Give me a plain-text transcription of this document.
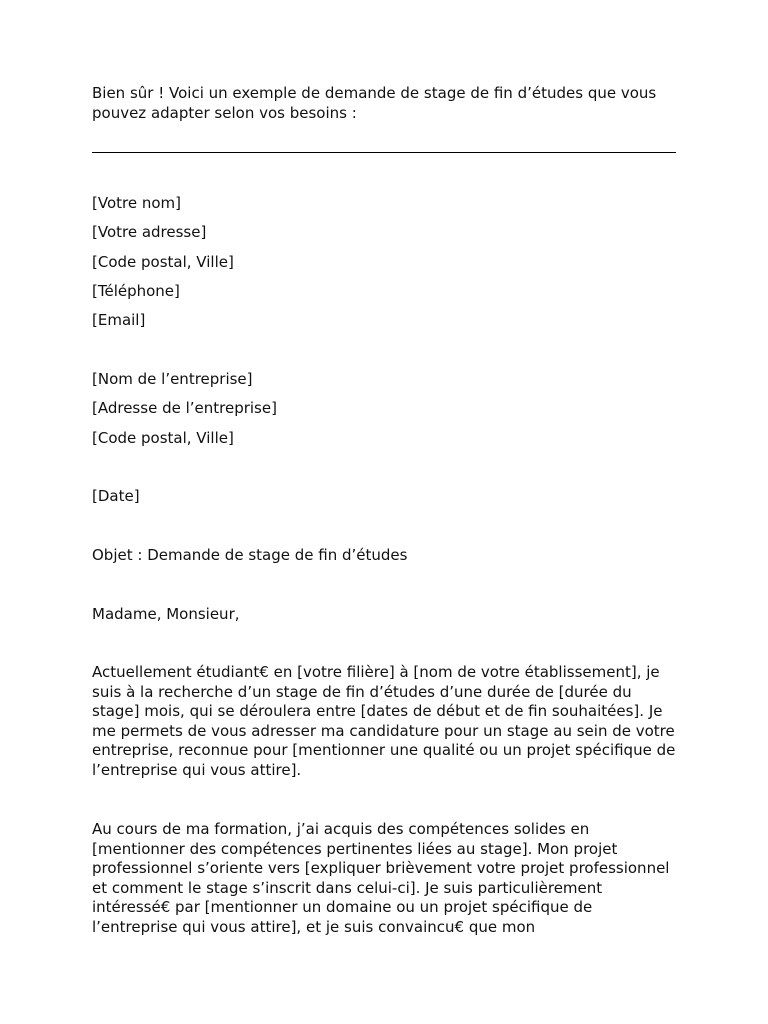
Bien sûr ! Voici un exemple de demande de stage de fin d’études que vous pouvez adapter selon vos besoins :

[Votre nom]

[Votre adresse]

[Code postal, Ville]

[Téléphone]

[Email]

[Nom de l’entreprise]

[Adresse de l’entreprise]

[Code postal, Ville]

[Date]

Objet : Demande de stage de fin d’études

Madame, Monsieur,

Actuellement étudiant€ en [votre filière] à [nom de votre établissement], je suis à la recherche d’un stage de fin d’études d’une durée de [durée du stage] mois, qui se déroulera entre [dates de début et de fin souhaitées]. Je me permets de vous adresser ma candidature pour un stage au sein de votre entreprise, reconnue pour [mentionner une qualité ou un projet spécifique de l’entreprise qui vous attire].

Au cours de ma formation, j’ai acquis des compétences solides en [mentionner des compétences pertinentes liées au stage]. Mon projet professionnel s’oriente vers [expliquer brièvement votre projet professionnel et comment le stage s’inscrit dans celui-ci]. Je suis particulièrement intéressé€ par [mentionner un domaine ou un projet spécifique de l’entreprise qui vous attire], et je suis convaincu€ que mon
